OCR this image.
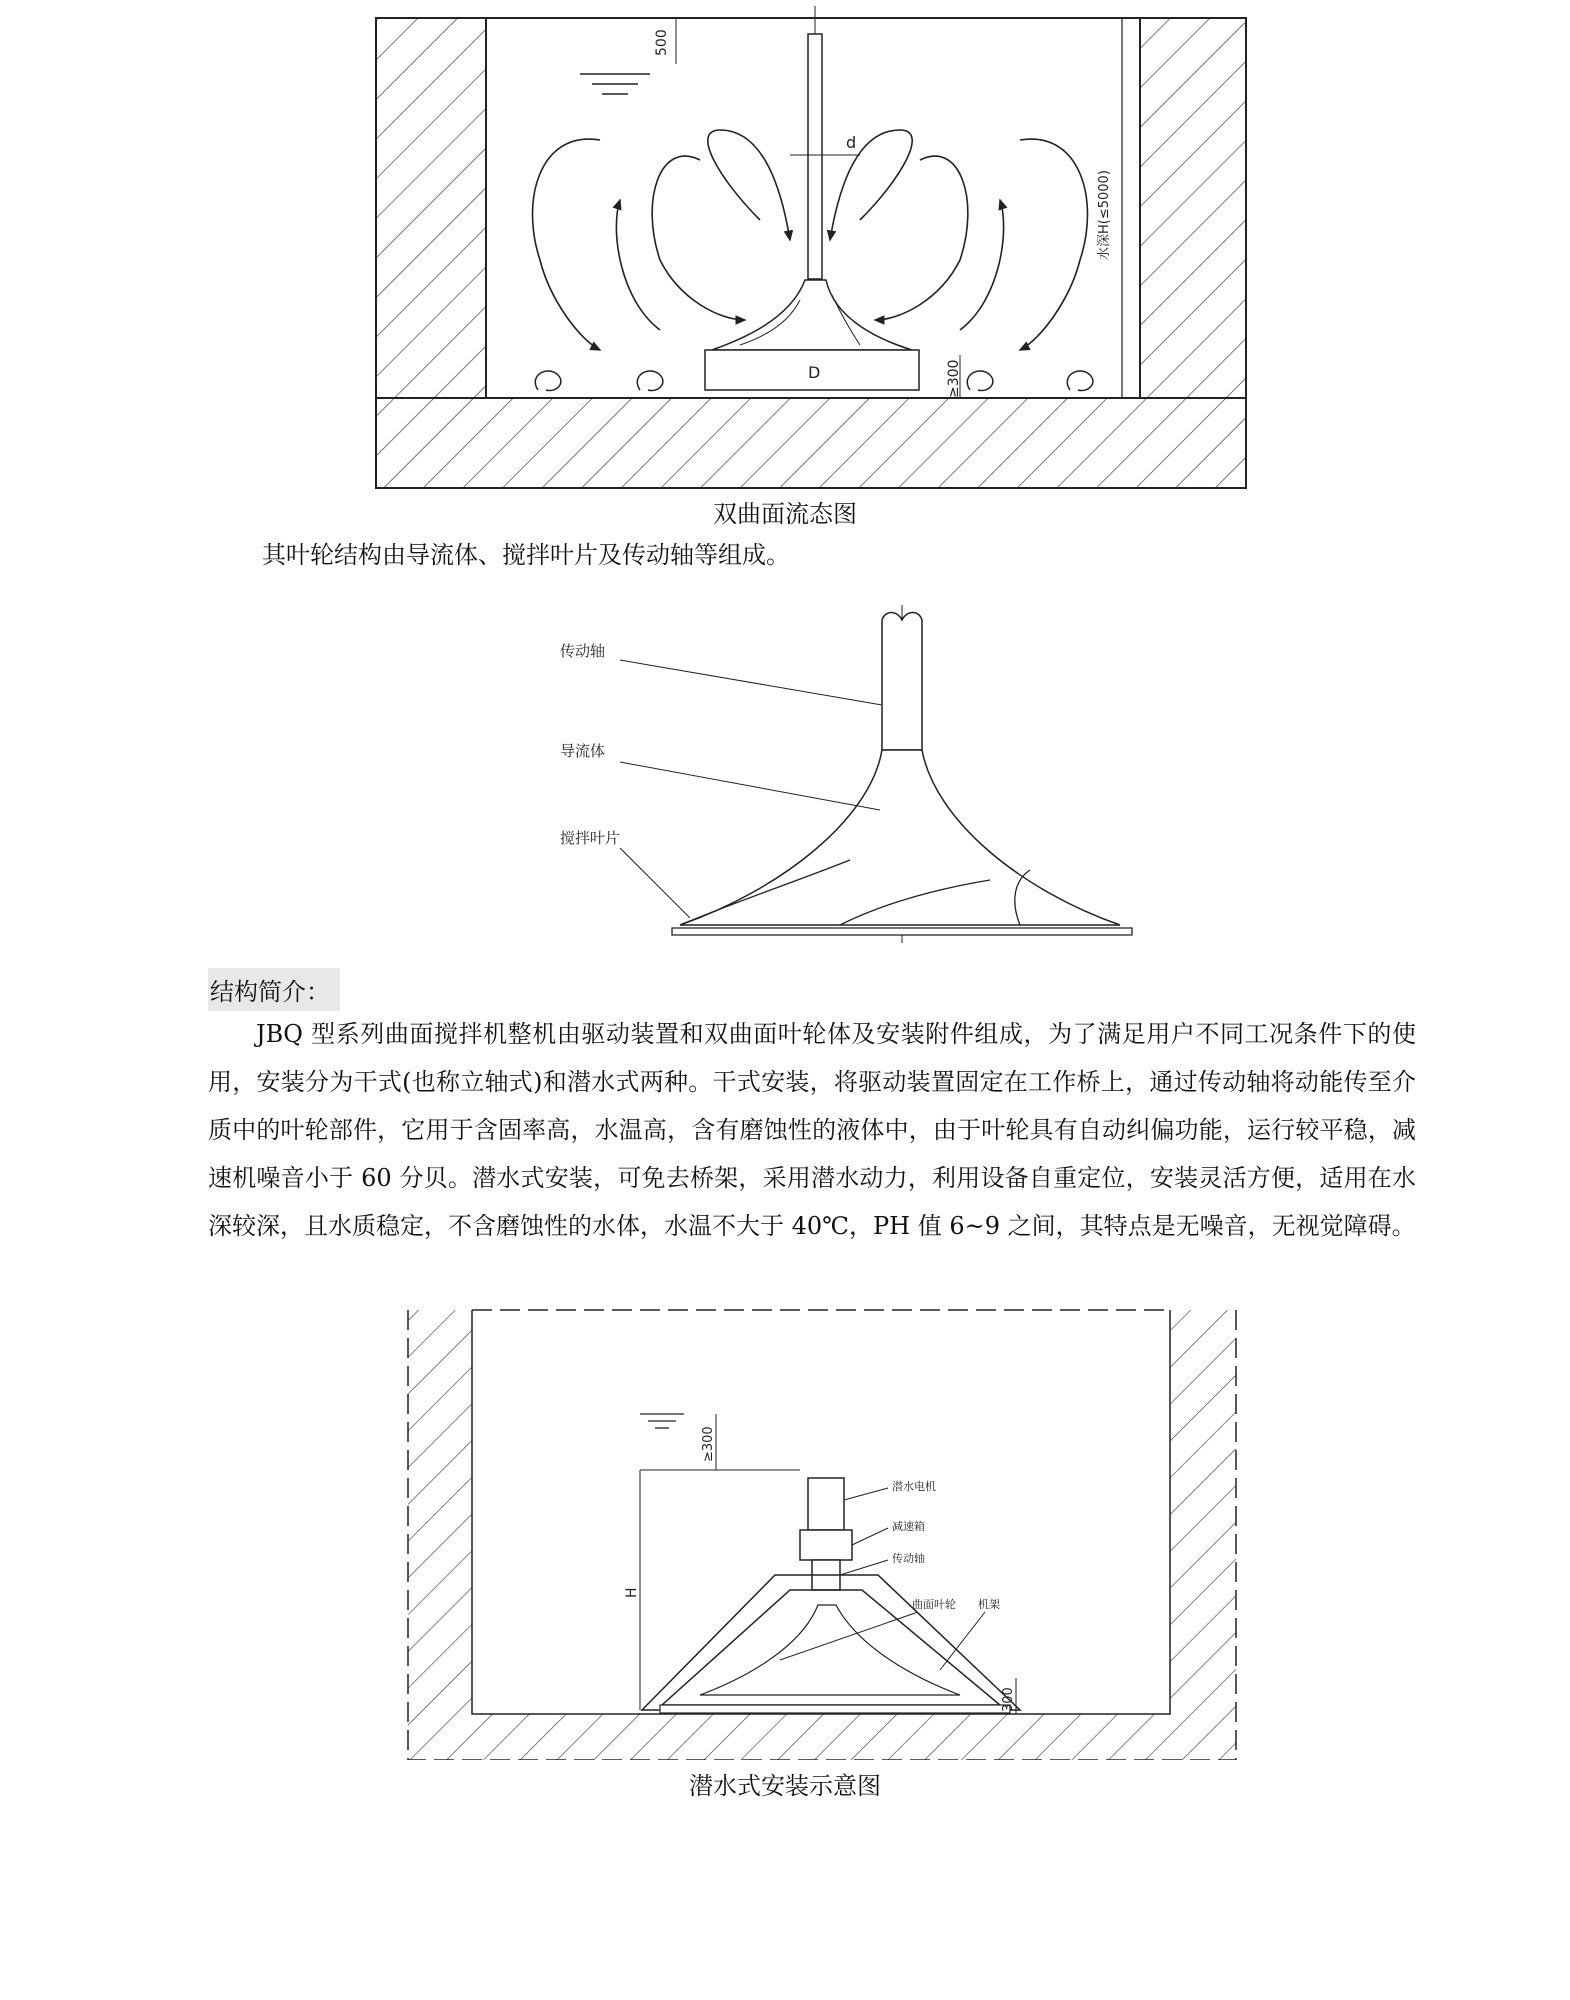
500
d
D	≥300
水深H(≤5000)
双曲面流态图
其叶轮结构由导流体、搅拌叶片及传动轴等组成。
传动轴
导流体
搅拌叶片
结构简介：
JBQ 型系列曲面搅拌机整机由驱动装置和双曲面叶轮体及安装附件组成，为了满足用户不同工况条件下的使用，安装分为干式(也称立轴式)和潜水式两种。干式安装，将驱动装置固定在工作桥上，通过传动轴将动能传至介质中的叶轮部件，它用于含固率高，水温高，含有磨蚀性的液体中，由于叶轮具有自动纠偏功能，运行较平稳，减速机噪音小于 60 分贝。潜水式安装，可免去桥架，采用潜水动力，利用设备自重定位，安装灵活方便，适用在水深较深，且水质稳定，不含磨蚀性的水体，水温不大于 40℃，PH 值 6~9 之间，其特点是无噪音，无视觉障碍。
≥300
H
300
潜水电机
减速箱
传动轴
曲面叶轮 机架
潜水式安装示意图
